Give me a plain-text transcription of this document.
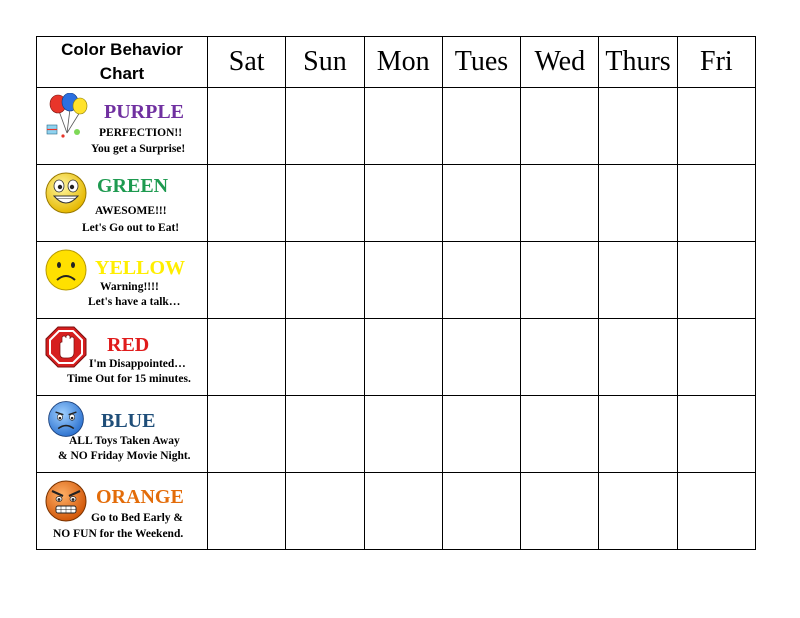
Color Behavior
Chart	Sat	Sun	Mon	Tues	Wed	Thurs	Fri

PURPLE
PERFECTION!!
You get a Surprise!							

GREEN
AWESOME!!!
Let's Go out to Eat!							

YELLOW
Warning!!!!
Let's have a talk…							

RED
I'm Disappointed…
Time Out for 15 minutes.							

BLUE
ALL Toys Taken Away
& NO Friday Movie Night.							

ORANGE
Go to Bed Early &
NO FUN for the Weekend.							
